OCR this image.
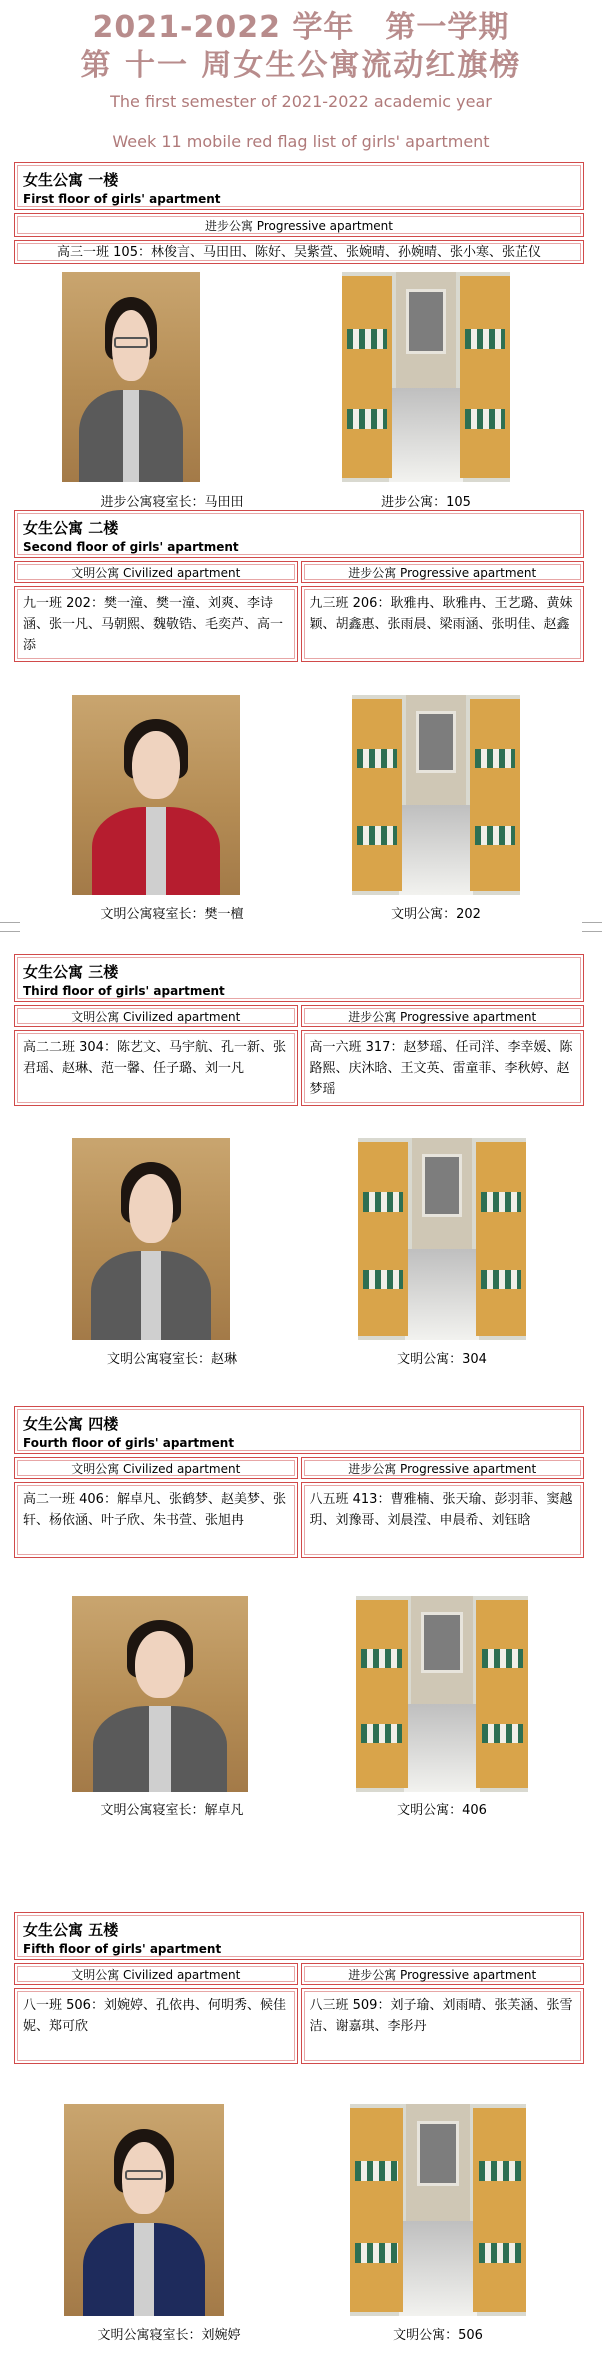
2021-2022 学年　第一学期
第 十一 周女生公寓流动红旗榜
The first semester of 2021-2022 academic year
Week 11 mobile red flag list of girls' apartment
女生公寓 一楼
First floor of girls' apartment
进步公寓 Progressive apartment
高三一班 105：林俊言、马田田、陈好、吴紫萱、张婉晴、孙婉晴、张小寒、张芷仪
进步公寓寝室长：马田田	进步公寓：105
女生公寓 二楼
Second floor of girls' apartment
文明公寓 Civilized apartment
九一班 202：樊一潼、樊一潼、刘爽、李诗涵、张一凡、马朝熙、魏敬锆、毛奕芦、高一添
进步公寓 Progressive apartment
九三班 206：耿雅冉、耿雅冉、王艺璐、黄妹颖、胡鑫惠、张雨晨、梁雨涵、张明佳、赵鑫
文明公寓寝室长：樊一檀	文明公寓：202
女生公寓 三楼
Third floor of girls' apartment
文明公寓 Civilized apartment
高二二班 304：陈艺文、马宇航、孔一新、张君瑶、赵琳、范一馨、任子璐、刘一凡
进步公寓 Progressive apartment
高一六班 317：赵梦瑶、任司洋、李幸媛、陈路熙、庆沐晗、王文英、雷童菲、李秋婷、赵梦瑶
文明公寓寝室长：赵琳	文明公寓：304
女生公寓 四楼
Fourth floor of girls' apartment
文明公寓 Civilized apartment
高二一班 406：解卓凡、张鹤梦、赵美梦、张轩、杨依涵、叶子欣、朱书萱、张旭冉
进步公寓 Progressive apartment
八五班 413：曹雅楠、张天瑜、彭羽菲、窦越玥、刘豫哥、刘晨滢、申晨希、刘钰晗
文明公寓寝室长：解卓凡	文明公寓：406
女生公寓 五楼
Fifth floor of girls' apartment
文明公寓 Civilized apartment
八一班 506：刘婉婷、孔依冉、何明秀、候佳妮、郑可欣
进步公寓 Progressive apartment
八三班 509：刘子瑜、刘雨晴、张芙涵、张雪洁、谢嘉琪、李彤丹
文明公寓寝室长：刘婉婷	文明公寓：506
